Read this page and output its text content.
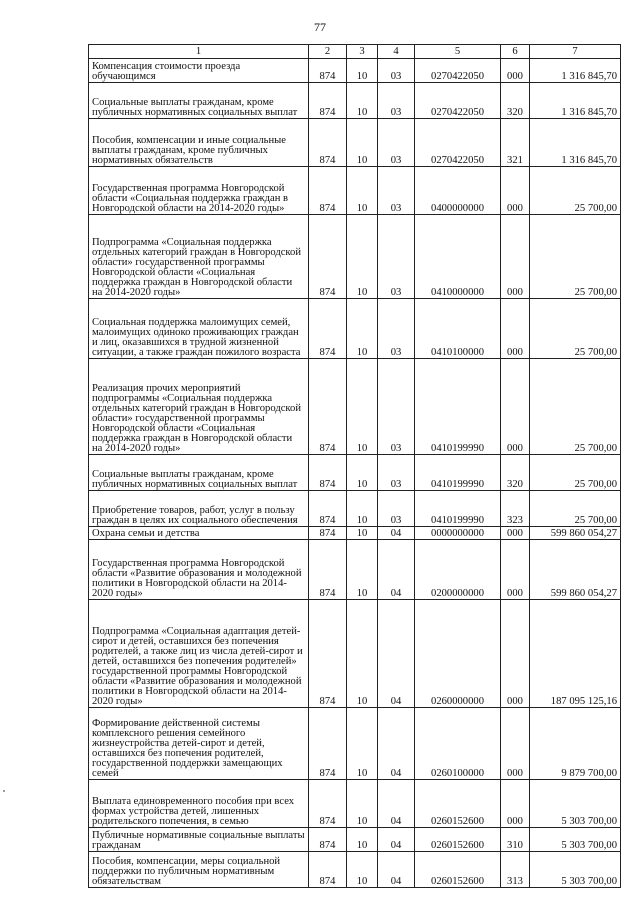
77
1	2	3	4	5	6	7
Компенсация стоимости проезда обучающимся	874	10	03	0270422050	000	1 316 845,70
Социальные выплаты гражданам, кроме публичных нормативных социальных выплат	874	10	03	0270422050	320	1 316 845,70
Пособия, компенсации и иные социальные выплаты гражданам, кроме публичных нормативных обязательств	874	10	03	0270422050	321	1 316 845,70
Государственная программа Новгородской области «Социальная поддержка граждан в Новгородской области на 2014-2020 годы»	874	10	03	0400000000	000	25 700,00
Подпрограмма «Социальная поддержка отдельных категорий граждан в Новгородской области» государственной программы Новгородской области «Социальная поддержка граждан в Новгородской области на 2014-2020 годы»	874	10	03	0410000000	000	25 700,00
Социальная поддержка малоимущих семей, малоимущих одиноко проживающих граждан и лиц, оказавшихся в трудной жизненной ситуации, а также граждан пожилого возраста	874	10	03	0410100000	000	25 700,00
Реализация прочих мероприятий подпрограммы «Социальная поддержка отдельных категорий граждан в Новгородской области» государственной программы Новгородской области «Социальная поддержка граждан в Новгородской области на 2014-2020 годы»	874	10	03	0410199990	000	25 700,00
Социальные выплаты гражданам, кроме публичных нормативных социальных выплат	874	10	03	0410199990	320	25 700,00
Приобретение товаров, работ, услуг в пользу граждан в целях их социального обеспечения	874	10	03	0410199990	323	25 700,00
Охрана семьи и детства	874	10	04	0000000000	000	599 860 054,27
Государственная программа Новгородской области «Развитие образования и молодежной политики в Новгородской области на 2014-2020 годы»	874	10	04	0200000000	000	599 860 054,27
Подпрограмма «Социальная адаптация детей-сирот и детей, оставшихся без попечения родителей, а также лиц из числа детей-сирот и детей, оставшихся без попечения родителей» государственной программы Новгородской области «Развитие образования и молодежной политики в Новгородской области на 2014-2020 годы»	874	10	04	0260000000	000	187 095 125,16
Формирование действенной системы комплексного решения семейного жизнеустройства детей-сирот и детей, оставшихся без попечения родителей, государственной поддержки замещающих семей	874	10	04	0260100000	000	9 879 700,00
Выплата единовременного пособия при всех формах устройства детей, лишенных родительского попечения, в семью	874	10	04	0260152600	000	5 303 700,00
Публичные нормативные социальные выплаты гражданам	874	10	04	0260152600	310	5 303 700,00
Пособия, компенсации, меры социальной поддержки по публичным нормативным обязательствам	874	10	04	0260152600	313	5 303 700,00
